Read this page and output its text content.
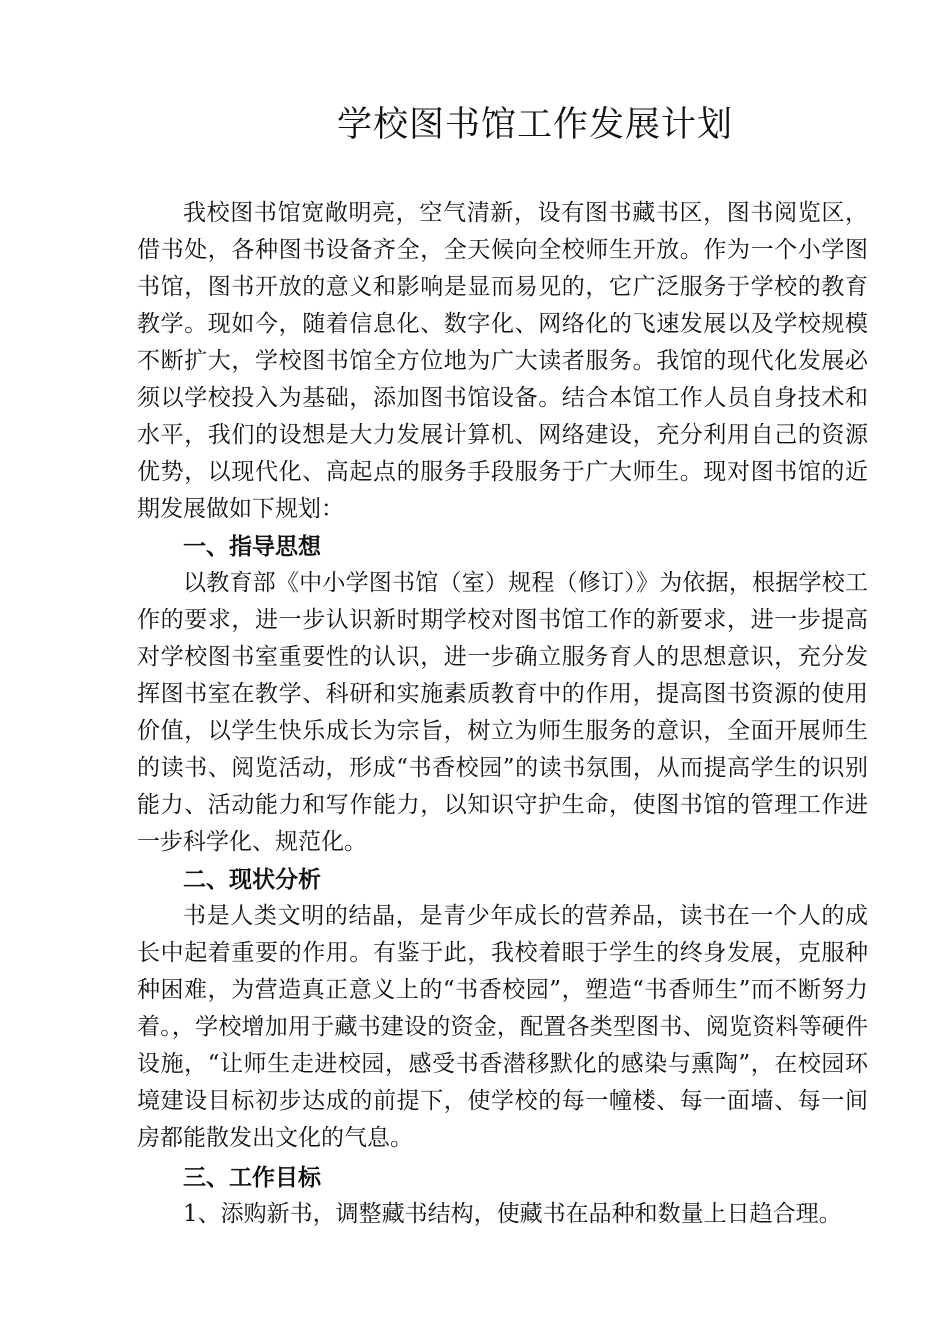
学校图书馆工作发展计划

我校图书馆宽敞明亮，空气清新，设有图书藏书区，图书阅览区，借书处，各种图书设备齐全，全天候向全校师生开放。作为一个小学图书馆，图书开放的意义和影响是显而易见的，它广泛服务于学校的教育教学。现如今，随着信息化、数字化、网络化的飞速发展以及学校规模不断扩大，学校图书馆全方位地为广大读者服务。我馆的现代化发展必须以学校投入为基础，添加图书馆设备。结合本馆工作人员自身技术和水平，我们的设想是大力发展计算机、网络建设，充分利用自己的资源优势，以现代化、高起点的服务手段服务于广大师生。现对图书馆的近期发展做如下规划：

一、指导思想

以教育部《中小学图书馆（室）规程（修订）》为依据，根据学校工作的要求，进一步认识新时期学校对图书馆工作的新要求，进一步提高对学校图书室重要性的认识，进一步确立服务育人的思想意识，充分发挥图书室在教学、科研和实施素质教育中的作用，提高图书资源的使用价值，以学生快乐成长为宗旨，树立为师生服务的意识，全面开展师生的读书、阅览活动，形成“书香校园”的读书氛围，从而提高学生的识别能力、活动能力和写作能力，以知识守护生命，使图书馆的管理工作进一步科学化、规范化。

二、现状分析

书是人类文明的结晶，是青少年成长的营养品，读书在一个人的成长中起着重要的作用。有鉴于此，我校着眼于学生的终身发展，克服种种困难，为营造真正意义上的“书香校园”，塑造“书香师生”而不断努力着。，学校增加用于藏书建设的资金，配置各类型图书、阅览资料等硬件设施，“让师生走进校园，感受书香潜移默化的感染与熏陶”，在校园环境建设目标初步达成的前提下，使学校的每一幢楼、每一面墙、每一间房都能散发出文化的气息。

三、工作目标

1、添购新书，调整藏书结构，使藏书在品种和数量上日趋合理。
